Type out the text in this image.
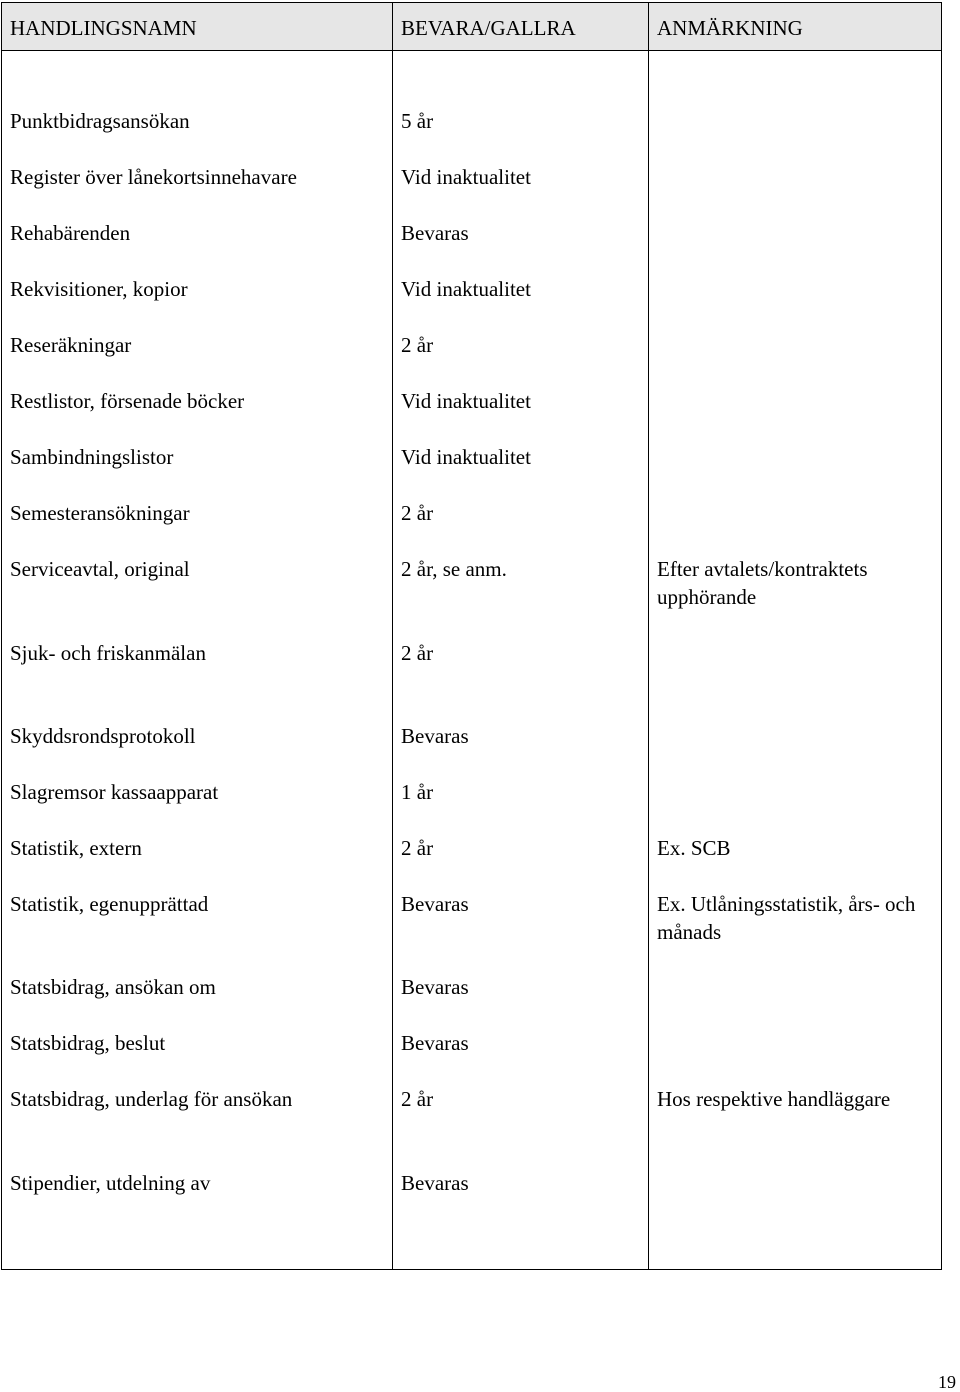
HANDLINGSNAMN	BEVARA/GALLRA	ANMÄRKNING
Punktbidragsansökan	5 år
Register över lånekortsinnehavare	Vid inaktualitet
Rehabärenden	Bevaras
Rekvisitioner, kopior	Vid inaktualitet
Reseräkningar	2 år
Restlistor, försenade böcker	Vid inaktualitet
Sambindningslistor	Vid inaktualitet
Semesteransökningar	2 år
Serviceavtal, original	2 år, se anm.	Efter avtalets/kontraktets upphörande
Sjuk- och friskanmälan	2 år
Skyddsrondsprotokoll	Bevaras
Slagremsor kassaapparat	1 år
Statistik, extern	2 år	Ex. SCB
Statistik, egenupprättad	Bevaras	Ex. Utlåningsstatistik, års- och månads
Statsbidrag, ansökan om	Bevaras
Statsbidrag, beslut	Bevaras
Statsbidrag, underlag för ansökan	2 år	Hos respektive handläggare
Stipendier, utdelning av	Bevaras
19
